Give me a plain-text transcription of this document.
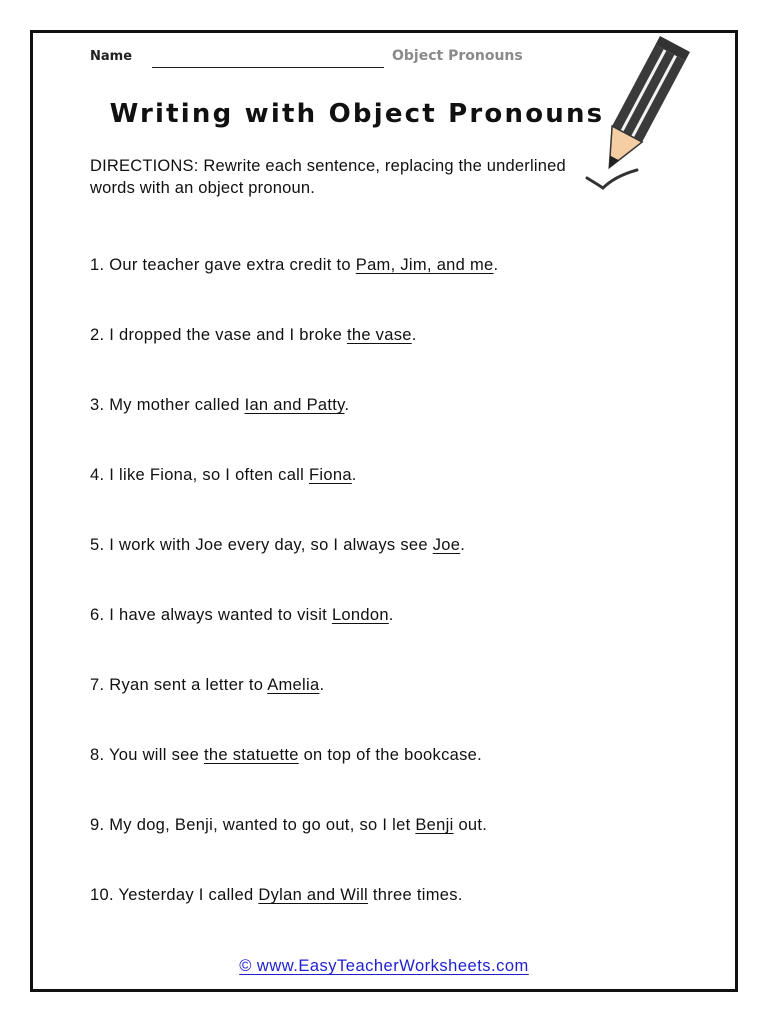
Name	Object Pronouns
Writing with Object Pronouns

DIRECTIONS: Rewrite each sentence, replacing the underlined words with an object pronoun.

1. Our teacher gave extra credit to Pam, Jim, and me.
2. I dropped the vase and I broke the vase.
3. My mother called Ian and Patty.
4. I like Fiona, so I often call Fiona.
5. I work with Joe every day, so I always see Joe.
6. I have always wanted to visit London.
7. Ryan sent a letter to Amelia.
8. You will see the statuette on top of the bookcase.
9. My dog, Benji, wanted to go out, so I let Benji out.
10. Yesterday I called Dylan and Will three times.
© www.EasyTeacherWorksheets.com
